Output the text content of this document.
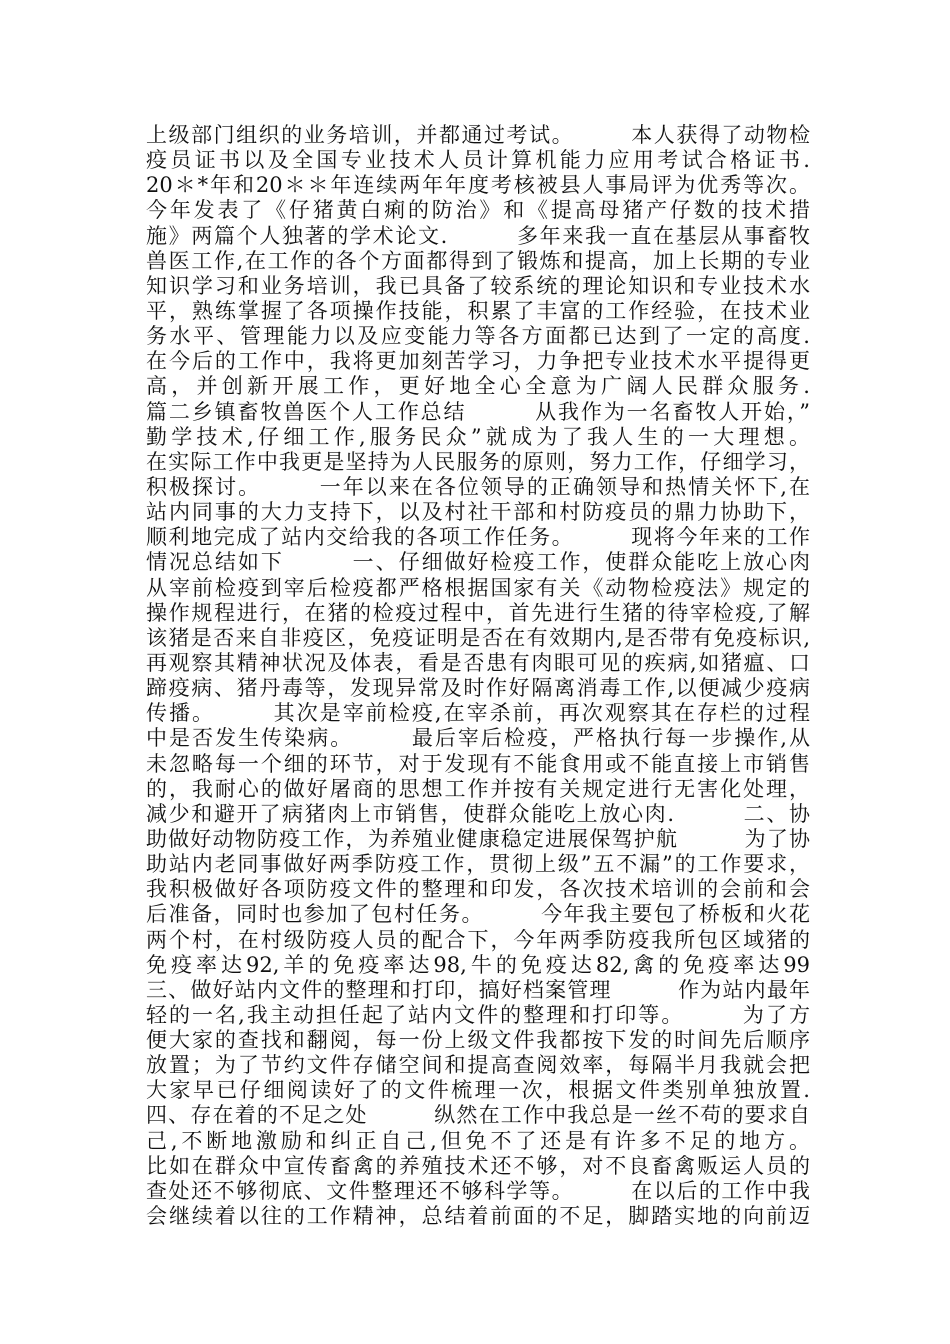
上级部门组织的业务培训，并都通过考试。　　　本人获得了动物检
疫员证书以及全国专业技术人员计算机能力应用考试合格证书.
20＊*年和20＊＊年连续两年年度考核被县人事局评为优秀等次。
今年发表了《仔猪黄白痢的防治》和《提高母猪产仔数的技术措
施》两篇个人独著的学术论文.　　　多年来我一直在基层从事畜牧
兽医工作,在工作的各个方面都得到了锻炼和提高，加上长期的专业
知识学习和业务培训，我已具备了较系统的理论知识和专业技术水
平，熟练掌握了各项操作技能，积累了丰富的工作经验，在技术业
务水平、管理能力以及应变能力等各方面都已达到了一定的高度.
在今后的工作中，我将更加刻苦学习，力争把专业技术水平提得更
高，并创新开展工作，更好地全心全意为广阔人民群众服务.
篇二乡镇畜牧兽医个人工作总结　　　从我作为一名畜牧人开始，”
勤学技术,仔细工作,服务民众”就成为了我人生的一大理想。
在实际工作中我更是坚持为人民服务的原则，努力工作，仔细学习，
积极探讨。　　　一年以来在各位领导的正确领导和热情关怀下,在
站内同事的大力支持下，以及村社干部和村防疫员的鼎力协助下，
顺利地完成了站内交给我的各项工作任务。　　　现将今年来的工作
情况总结如下　　　一、仔细做好检疫工作，使群众能吃上放心肉
从宰前检疫到宰后检疫都严格根据国家有关《动物检疫法》规定的
操作规程进行，在猪的检疫过程中，首先进行生猪的待宰检疫,了解
该猪是否来自非疫区，免疫证明是否在有效期内,是否带有免疫标识,
再观察其精神状况及体表，看是否患有肉眼可见的疾病,如猪瘟、口
蹄疫病、猪丹毒等，发现异常及时作好隔离消毒工作,以便减少疫病
传播。　　　其次是宰前检疫,在宰杀前，再次观察其在存栏的过程
中是否发生传染病。　　　最后宰后检疫，严格执行每一步操作,从
未忽略每一个细的环节，对于发现有不能食用或不能直接上市销售
的，我耐心的做好屠商的思想工作并按有关规定进行无害化处理，
减少和避开了病猪肉上市销售，使群众能吃上放心肉.　　　二、协
助做好动物防疫工作，为养殖业健康稳定进展保驾护航　　　为了协
助站内老同事做好两季防疫工作，贯彻上级”五不漏”的工作要求，
我积极做好各项防疫文件的整理和印发，各次技术培训的会前和会
后准备，同时也参加了包村任务。　　　今年我主要包了桥板和火花
两个村，在村级防疫人员的配合下，今年两季防疫我所包区域猪的
免疫率达92,羊的免疫率达98,牛的免疫达82,禽的免疫率达99
三、做好站内文件的整理和打印，搞好档案管理　　　作为站内最年
轻的一名,我主动担任起了站内文件的整理和打印等。　　　为了方
便大家的查找和翻阅，每一份上级文件我都按下发的时间先后顺序
放置；为了节约文件存储空间和提高查阅效率，每隔半月我就会把
大家早已仔细阅读好了的文件梳理一次，根据文件类别单独放置.
四、存在着的不足之处　　　纵然在工作中我总是一丝不苟的要求自
己,不断地激励和纠正自己,但免不了还是有许多不足的地方。
比如在群众中宣传畜禽的养殖技术还不够，对不良畜禽贩运人员的
查处还不够彻底、文件整理还不够科学等。　　　在以后的工作中我
会继续着以往的工作精神，总结着前面的不足，脚踏实地的向前迈
